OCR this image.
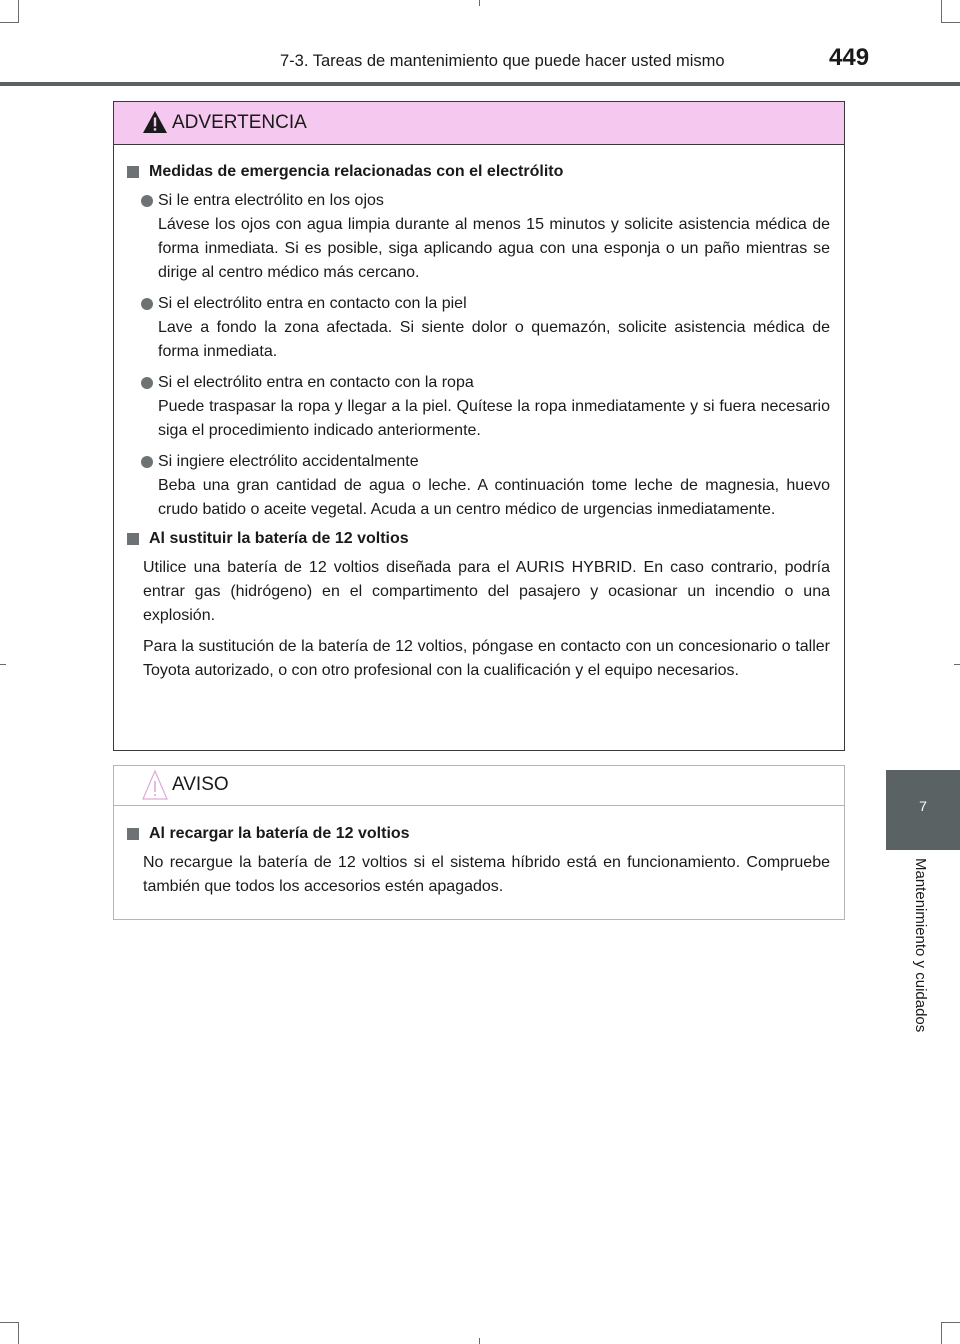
7-3. Tareas de mantenimiento que puede hacer usted mismo	449
7
Mantenimiento y cuidados
ADVERTENCIA
Medidas de emergencia relacionadas con el electrólito
Si le entra electrólito en los ojos
Lávese los ojos con agua limpia durante al menos 15 minutos y solicite asistencia médica de forma inmediata. Si es posible, siga aplicando agua con una esponja o un paño mientras se dirige al centro médico más cercano.
Si el electrólito entra en contacto con la piel
Lave a fondo la zona afectada. Si siente dolor o quemazón, solicite asistencia médica de forma inmediata.
Si el electrólito entra en contacto con la ropa
Puede traspasar la ropa y llegar a la piel. Quítese la ropa inmediatamente y si fuera necesario siga el procedimiento indicado anteriormente.
Si ingiere electrólito accidentalmente
Beba una gran cantidad de agua o leche. A continuación tome leche de magnesia, huevo crudo batido o aceite vegetal. Acuda a un centro médico de urgencias inmediatamente.
Al sustituir la batería de 12 voltios
Utilice una batería de 12 voltios diseñada para el AURIS HYBRID. En caso contrario, podría entrar gas (hidrógeno) en el compartimento del pasajero y ocasionar un incendio o una explosión.
Para la sustitución de la batería de 12 voltios, póngase en contacto con un concesionario o taller Toyota autorizado, o con otro profesional con la cualificación y el equipo necesarios.
AVISO
Al recargar la batería de 12 voltios
No recargue la batería de 12 voltios si el sistema híbrido está en funcionamiento. Compruebe también que todos los accesorios estén apagados.
